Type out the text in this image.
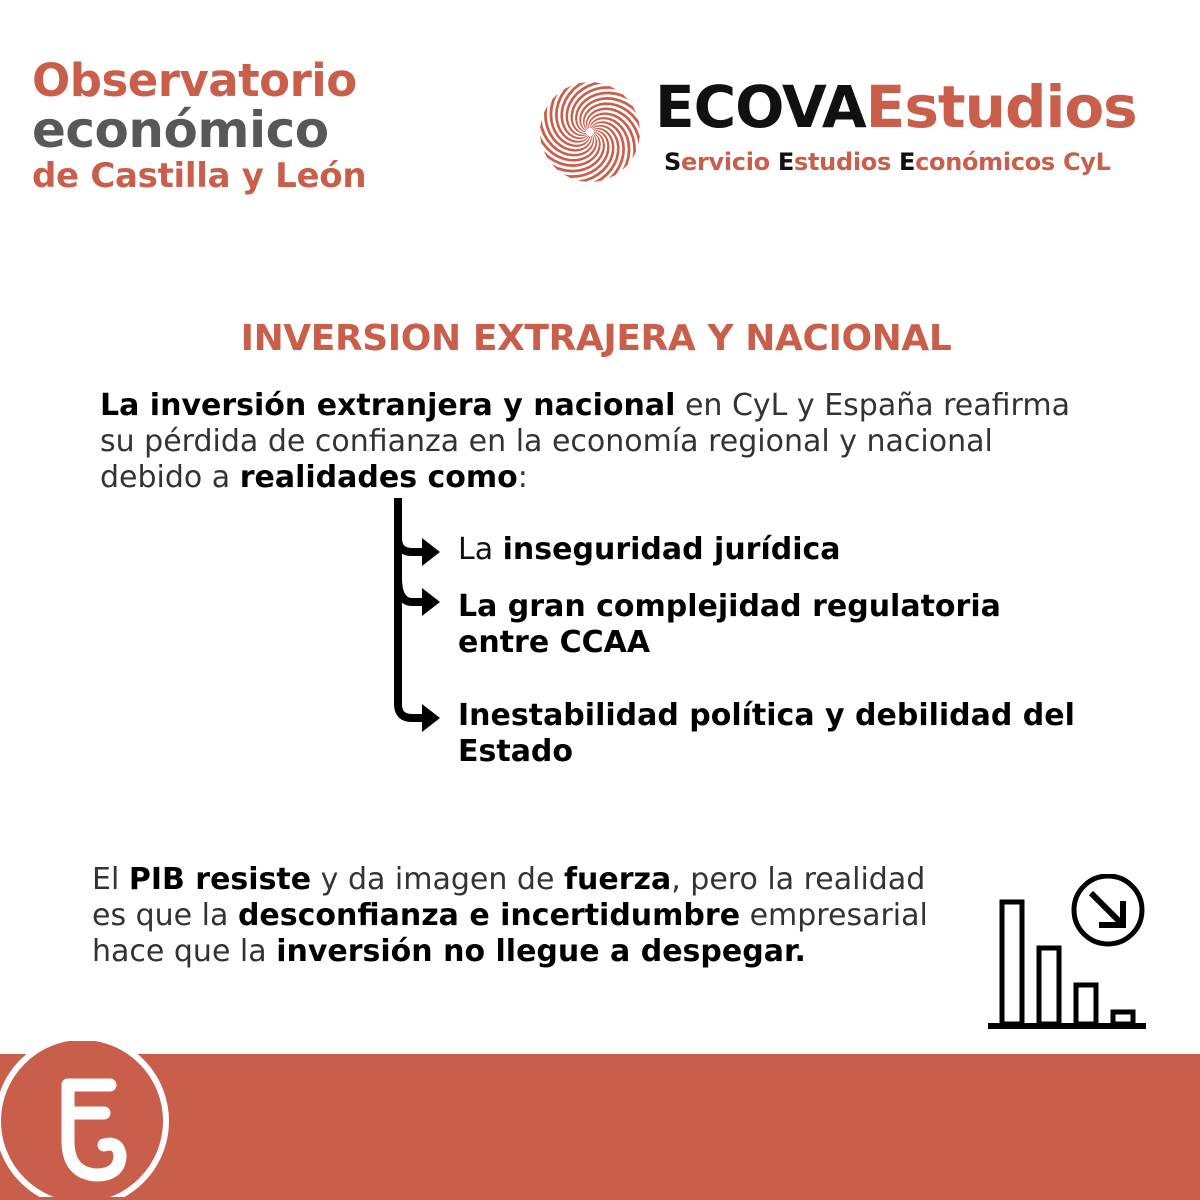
Observatorio
económico
de Castilla y León
ECOVAEstudios
Servicio Estudios Económicos CyL
INVERSION EXTRAJERA Y NACIONAL
La inversión extranjera y nacional en CyL y España reafirma su pérdida de confianza en la economía regional y nacional debido a realidades como:
La inseguridad jurídica
La gran complejidad regulatoria entre CCAA
Inestabilidad política y debilidad del Estado
El PIB resiste y da imagen de fuerza, pero la realidad es que la desconfianza e incertidumbre empresarial hace que la inversión no llegue a despegar.
